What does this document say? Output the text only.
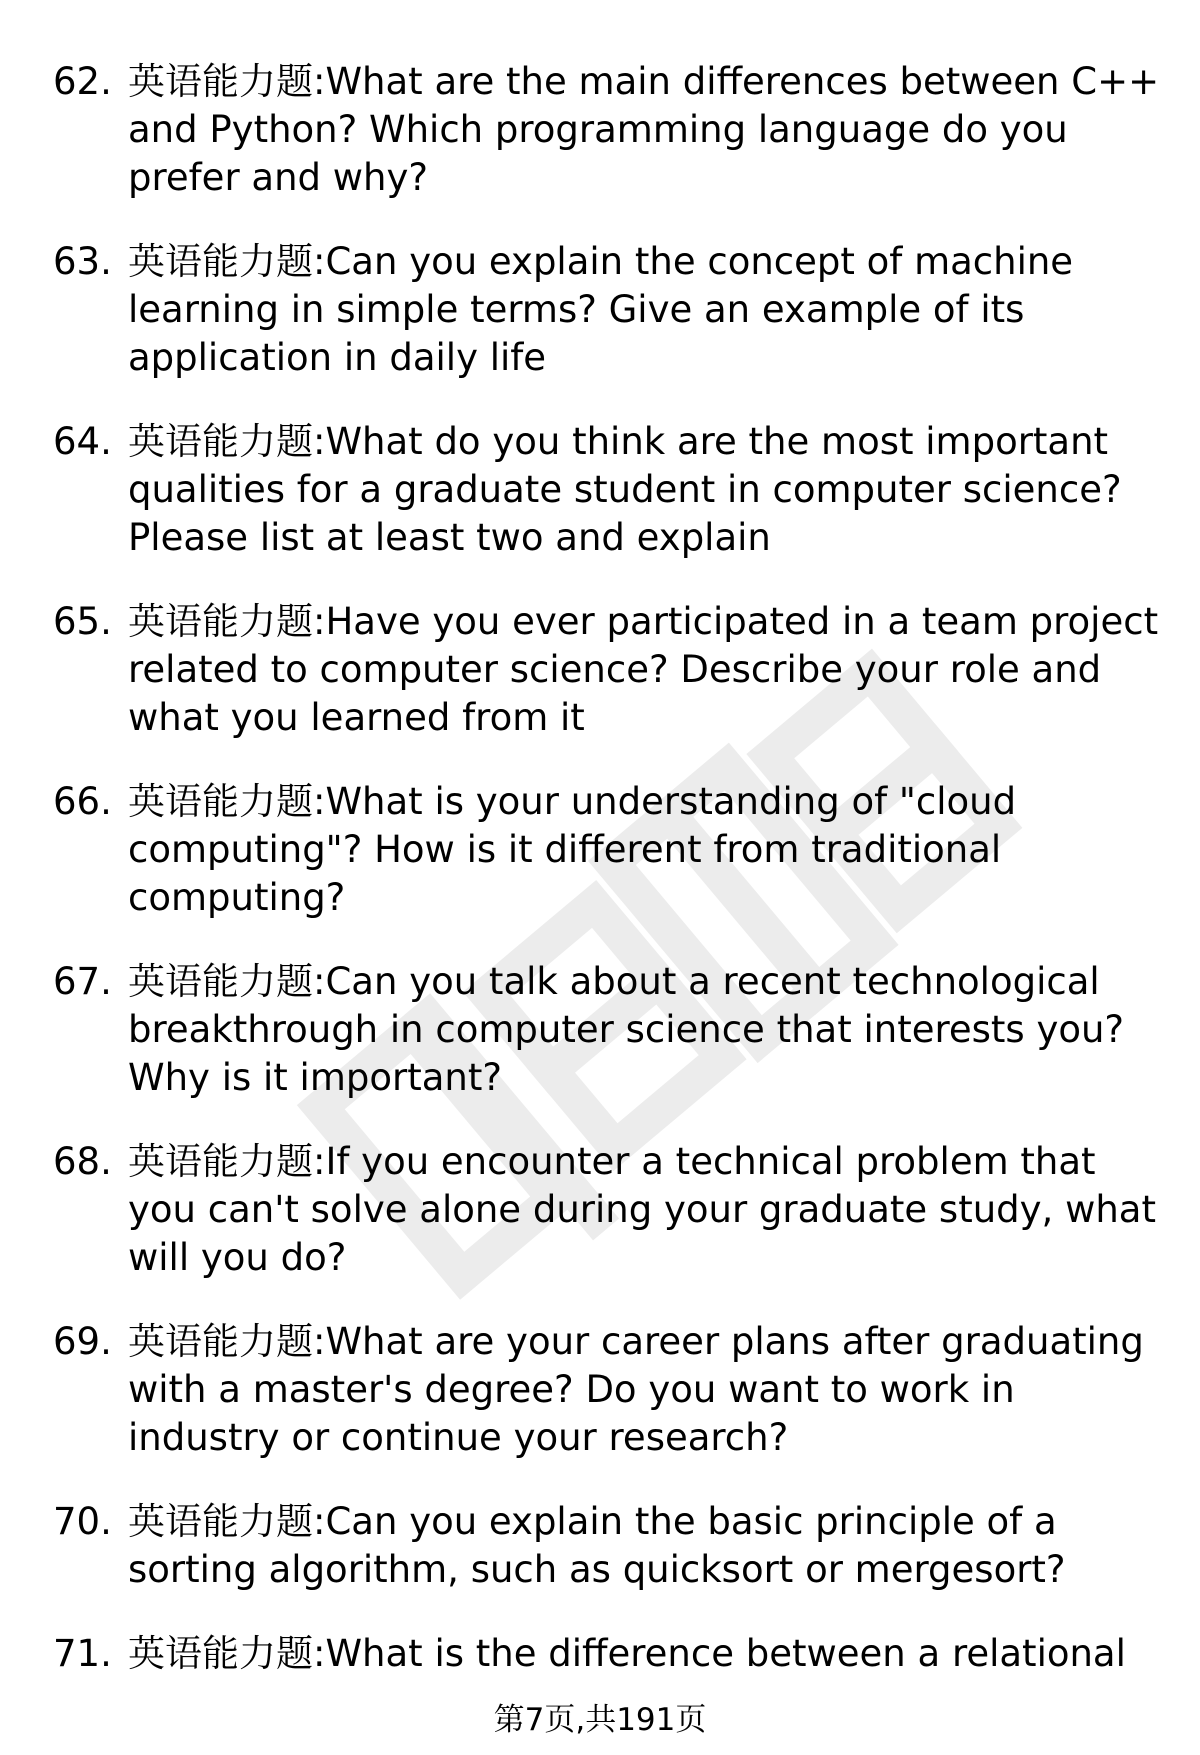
62. 英语能力题:What are the main differences between C++ and Python? Which programming language do you prefer and why?
63. 英语能力题:Can you explain the concept of machine learning in simple terms? Give an example of its application in daily life
64. 英语能力题:What do you think are the most important qualities for a graduate student in computer science? Please list at least two and explain
65. 英语能力题:Have you ever participated in a team project related to computer science? Describe your role and what you learned from it
66. 英语能力题:What is your understanding of "cloud computing"? How is it different from traditional computing?
67. 英语能力题:Can you talk about a recent technological breakthrough in computer science that interests you? Why is it important?
68. 英语能力题:If you encounter a technical problem that you can't solve alone during your graduate study, what will you do?
69. 英语能力题:What are your career plans after graduating with a master's degree? Do you want to work in industry or continue your research?
70. 英语能力题:Can you explain the basic principle of a sorting algorithm, such as quicksort or mergesort?
71. 英语能力题:What is the difference between a relational
第7页,共191页
